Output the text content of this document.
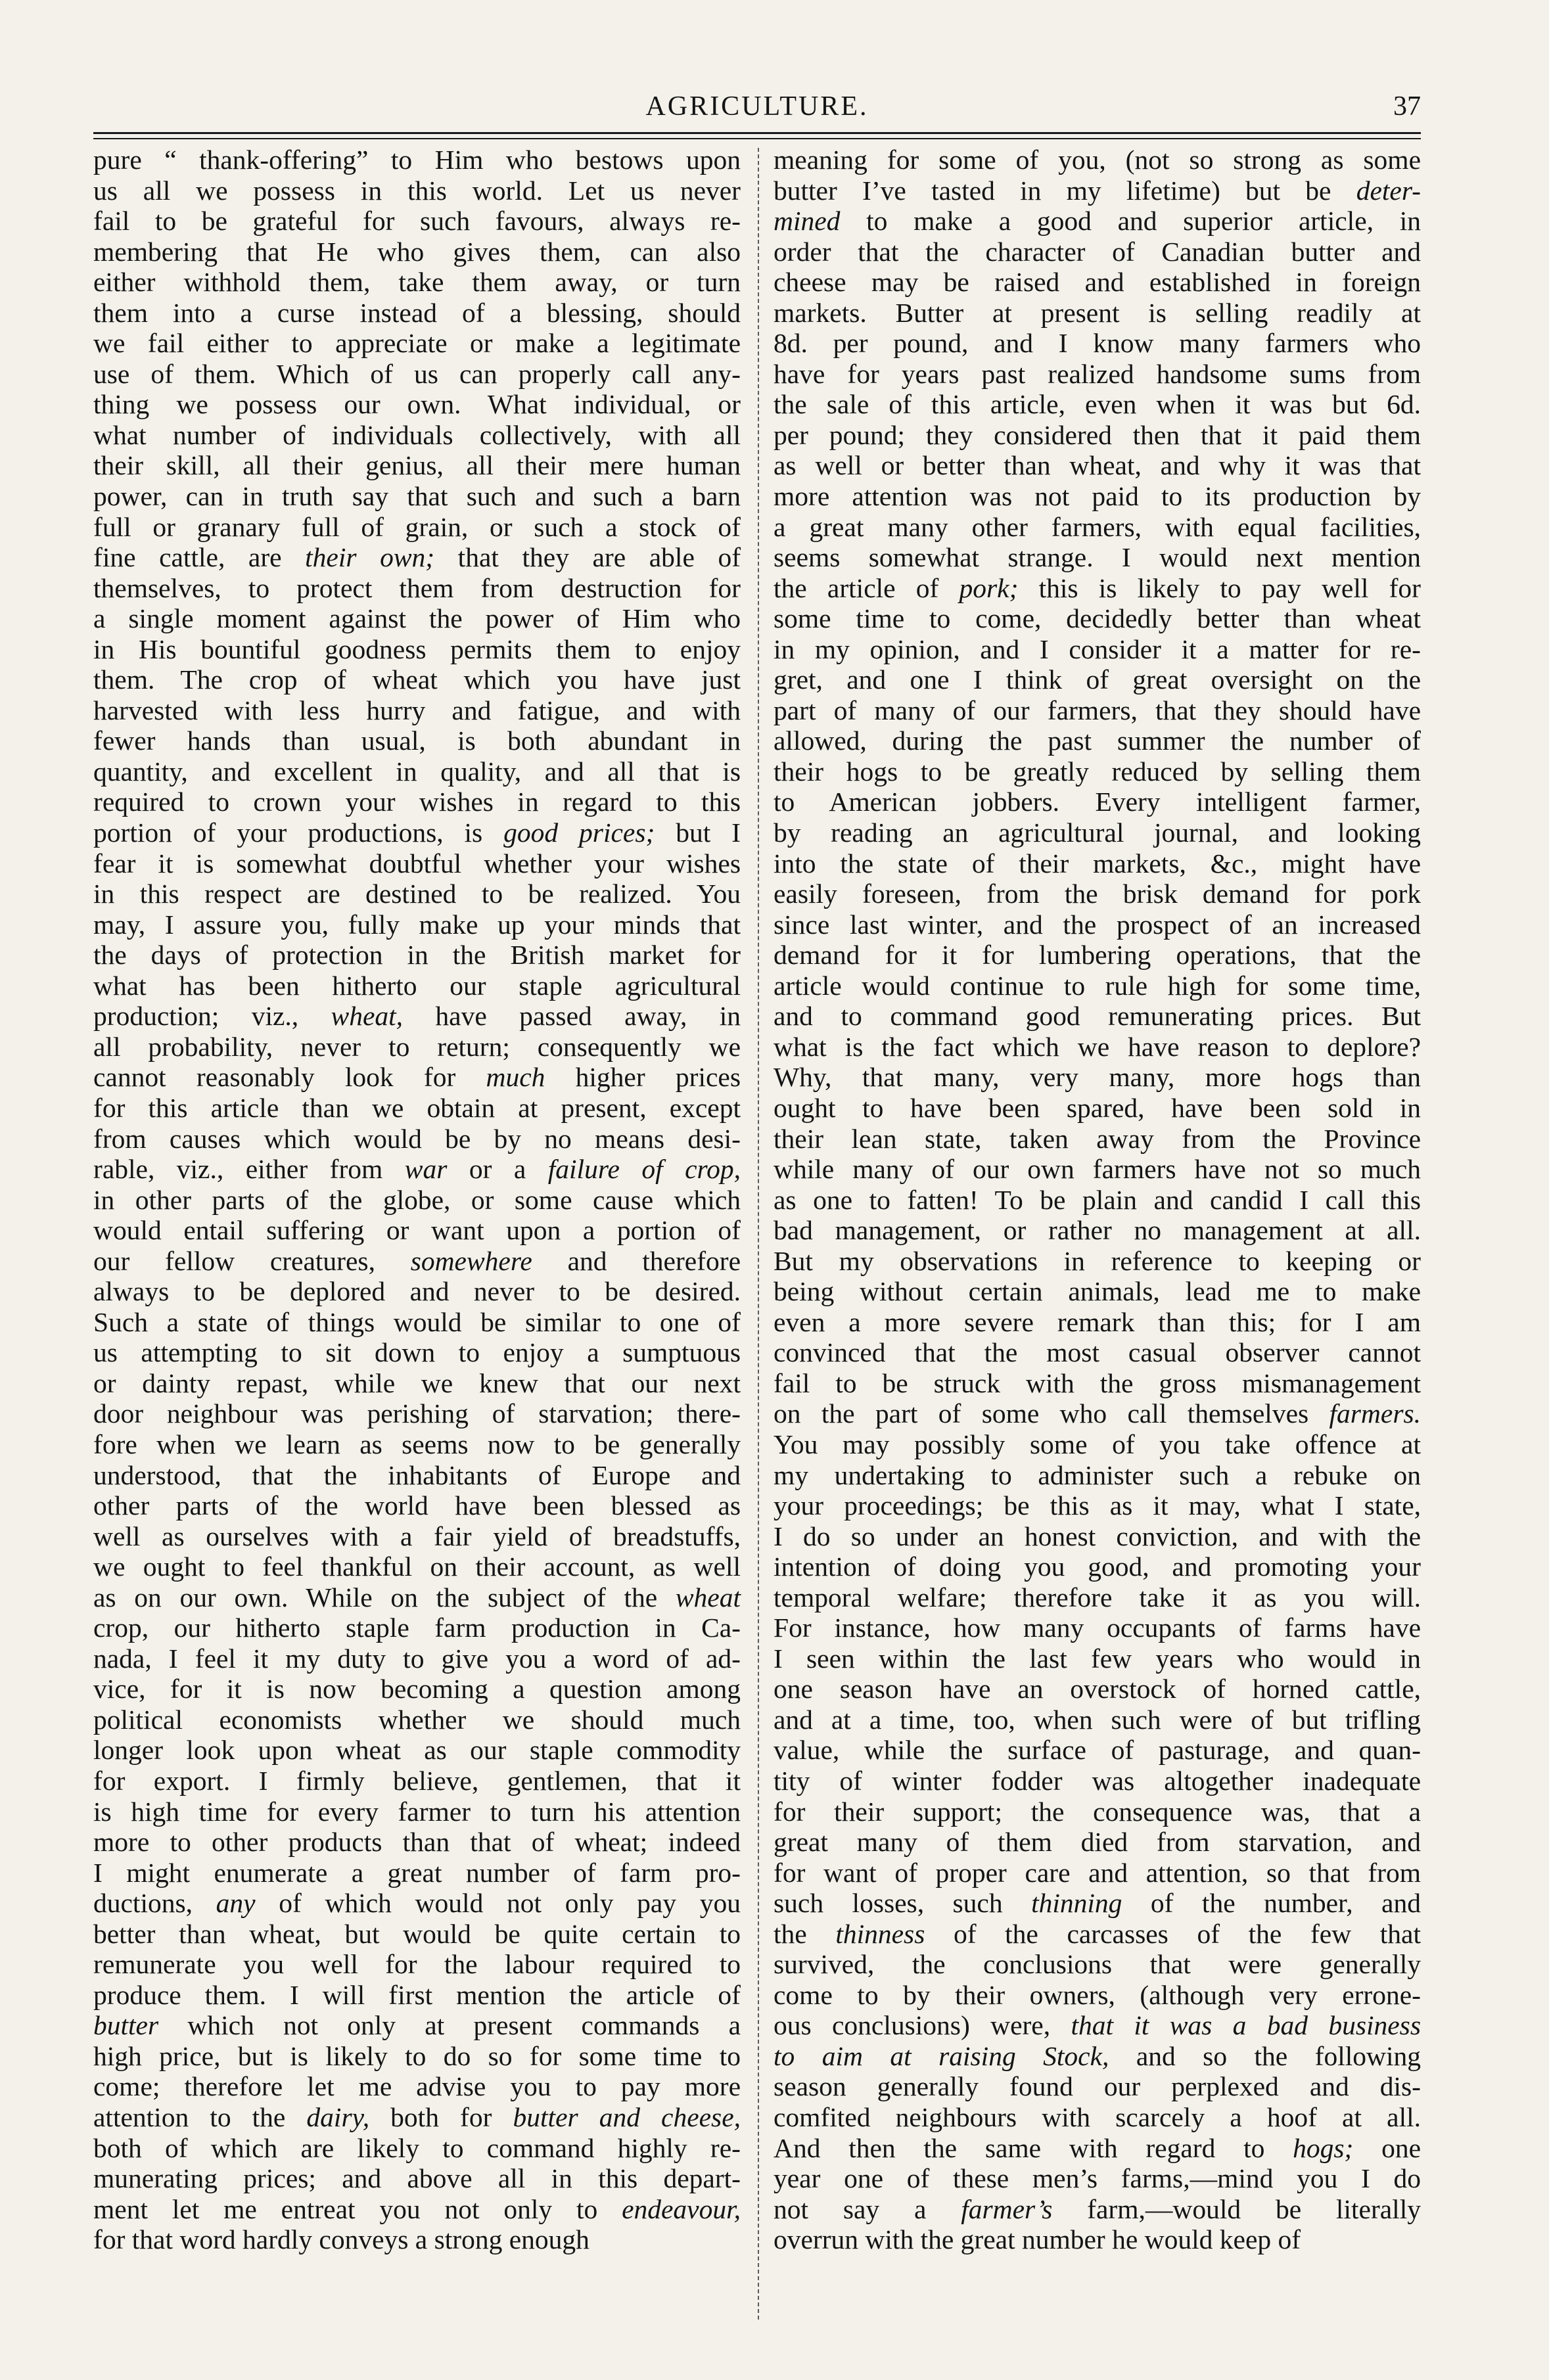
AGRICULTURE.	37
pure “ thank-offering” to Him who bestows upon
us all we possess in this world. Let us never
fail to be grateful for such favours, always re-
membering that He who gives them, can also
either withhold them, take them away, or turn
them into a curse instead of a blessing, should
we fail either to appreciate or make a legitimate
use of them. Which of us can properly call any-
thing we possess our own. What individual, or
what number of individuals collectively, with all
their skill, all their genius, all their mere human
power, can in truth say that such and such a barn
full or granary full of grain, or such a stock of
fine cattle, are their own; that they are able of
themselves, to protect them from destruction for
a single moment against the power of Him who
in His bountiful goodness permits them to enjoy
them. The crop of wheat which you have just
harvested with less hurry and fatigue, and with
fewer hands than usual, is both abundant in
quantity, and excellent in quality, and all that is
required to crown your wishes in regard to this
portion of your productions, is good prices; but I
fear it is somewhat doubtful whether your wishes
in this respect are destined to be realized. You
may, I assure you, fully make up your minds that
the days of protection in the British market for
what has been hitherto our staple agricultural
production; viz., wheat, have passed away, in
all probability, never to return; consequently we
cannot reasonably look for much higher prices
for this article than we obtain at present, except
from causes which would be by no means desi-
rable, viz., either from war or a failure of crop,
in other parts of the globe, or some cause which
would entail suffering or want upon a portion of
our fellow creatures, somewhere and therefore
always to be deplored and never to be desired.
Such a state of things would be similar to one of
us attempting to sit down to enjoy a sumptuous
or dainty repast, while we knew that our next
door neighbour was perishing of starvation; there-
fore when we learn as seems now to be generally
understood, that the inhabitants of Europe and
other parts of the world have been blessed as
well as ourselves with a fair yield of breadstuffs,
we ought to feel thankful on their account, as well
as on our own. While on the subject of the wheat
crop, our hitherto staple farm production in Ca-
nada, I feel it my duty to give you a word of ad-
vice, for it is now becoming a question among
political economists whether we should much
longer look upon wheat as our staple commodity
for export. I firmly believe, gentlemen, that it
is high time for every farmer to turn his attention
more to other products than that of wheat; indeed
I might enumerate a great number of farm pro-
ductions, any of which would not only pay you
better than wheat, but would be quite certain to
remunerate you well for the labour required to
produce them. I will first mention the article of
butter which not only at present commands a
high price, but is likely to do so for some time to
come; therefore let me advise you to pay more
attention to the dairy, both for butter and cheese,
both of which are likely to command highly re-
munerating prices; and above all in this depart-
ment let me entreat you not only to endeavour,
for that word hardly conveys a strong enough
meaning for some of you, (not so strong as some
butter I’ve tasted in my lifetime) but be deter-
mined to make a good and superior article, in
order that the character of Canadian butter and
cheese may be raised and established in foreign
markets. Butter at present is selling readily at
8d. per pound, and I know many farmers who
have for years past realized handsome sums from
the sale of this article, even when it was but 6d.
per pound; they considered then that it paid them
as well or better than wheat, and why it was that
more attention was not paid to its production by
a great many other farmers, with equal facilities,
seems somewhat strange. I would next mention
the article of pork; this is likely to pay well for
some time to come, decidedly better than wheat
in my opinion, and I consider it a matter for re-
gret, and one I think of great oversight on the
part of many of our farmers, that they should have
allowed, during the past summer the number of
their hogs to be greatly reduced by selling them
to American jobbers. Every intelligent farmer,
by reading an agricultural journal, and looking
into the state of their markets, &c., might have
easily foreseen, from the brisk demand for pork
since last winter, and the prospect of an increased
demand for it for lumbering operations, that the
article would continue to rule high for some time,
and to command good remunerating prices. But
what is the fact which we have reason to deplore?
Why, that many, very many, more hogs than
ought to have been spared, have been sold in
their lean state, taken away from the Province
while many of our own farmers have not so much
as one to fatten! To be plain and candid I call this
bad management, or rather no management at all.
But my observations in reference to keeping or
being without certain animals, lead me to make
even a more severe remark than this; for I am
convinced that the most casual observer cannot
fail to be struck with the gross mismanagement
on the part of some who call themselves farmers.
You may possibly some of you take offence at
my undertaking to administer such a rebuke on
your proceedings; be this as it may, what I state,
I do so under an honest conviction, and with the
intention of doing you good, and promoting your
temporal welfare; therefore take it as you will.
For instance, how many occupants of farms have
I seen within the last few years who would in
one season have an overstock of horned cattle,
and at a time, too, when such were of but trifling
value, while the surface of pasturage, and quan-
tity of winter fodder was altogether inadequate
for their support; the consequence was, that a
great many of them died from starvation, and
for want of proper care and attention, so that from
such losses, such thinning of the number, and
the thinness of the carcasses of the few that
survived, the conclusions that were generally
come to by their owners, (although very errone-
ous conclusions) were, that it was a bad business
to aim at raising Stock, and so the following
season generally found our perplexed and dis-
comfited neighbours with scarcely a hoof at all.
And then the same with regard to hogs; one
year one of these men’s farms,—mind you I do
not say a farmer’s farm,—would be literally
overrun with the great number he would keep of
